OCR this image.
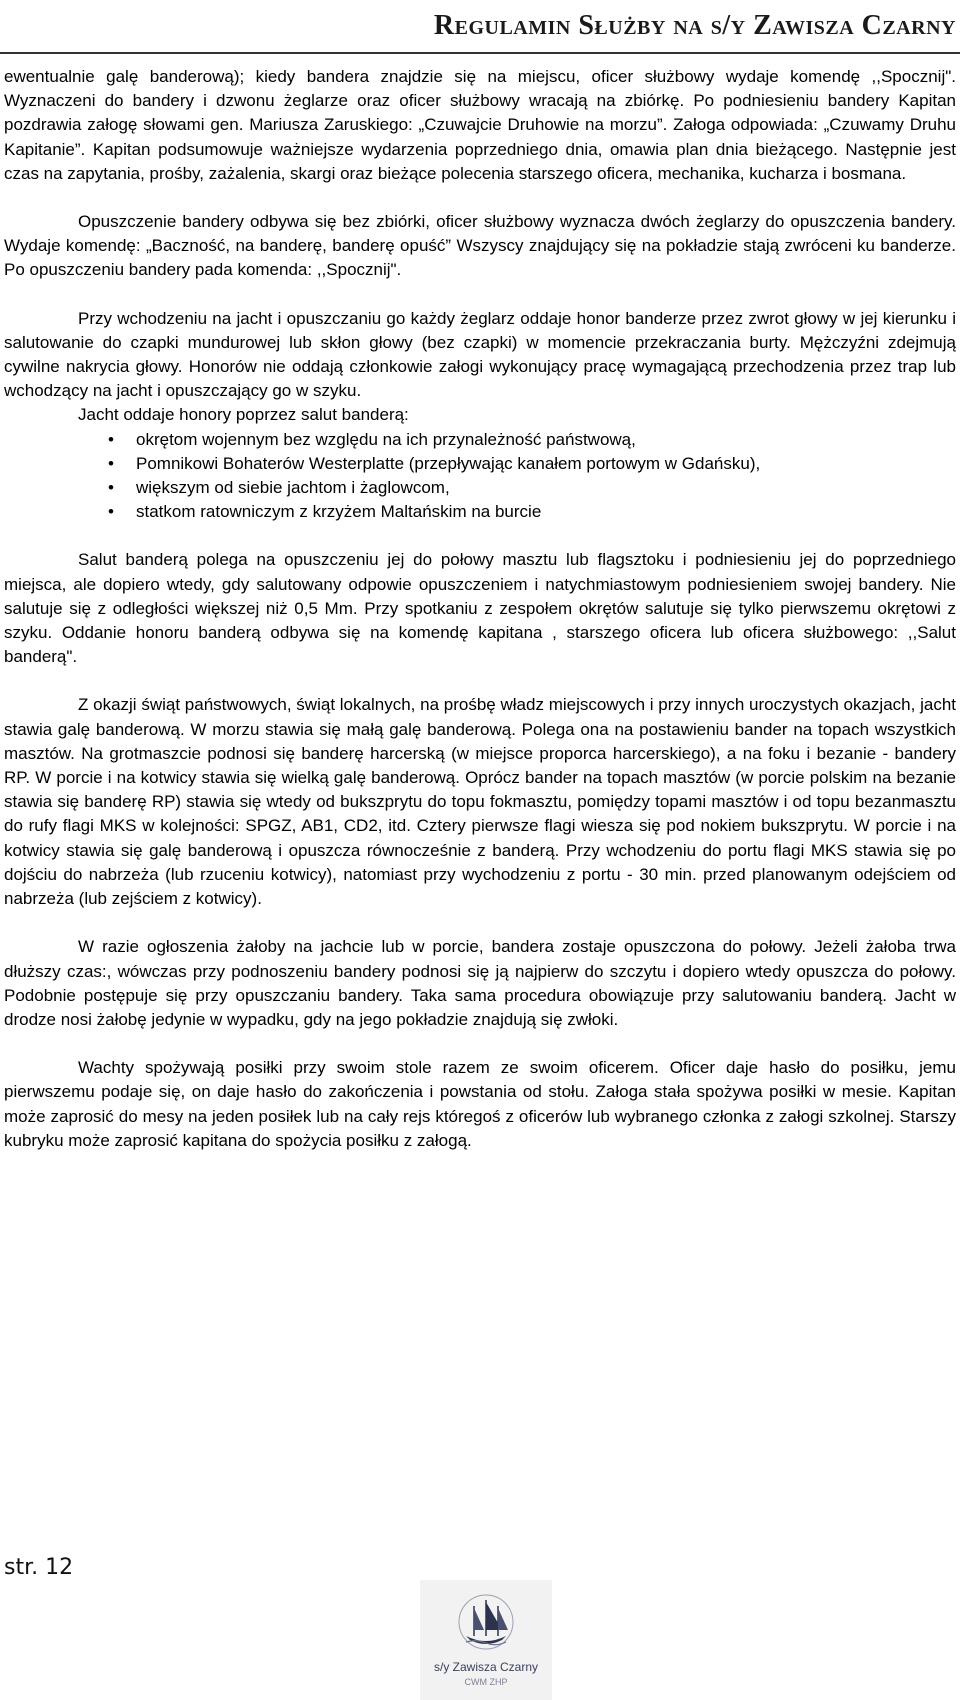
Regulamin Służby na s/y Zawisza Czarny

ewentualnie galę banderową); kiedy bandera znajdzie się na miejscu, oficer służbowy wydaje komendę ,,Spocznij". Wyznaczeni do bandery i dzwonu żeglarze oraz oficer służbowy wracają na zbiórkę. Po podniesieniu bandery Kapitan pozdrawia załogę słowami gen. Mariusza Zaruskiego: „Czuwajcie Druhowie na morzu”. Załoga odpowiada: „Czuwamy Druhu Kapitanie”. Kapitan podsumowuje ważniejsze wydarzenia poprzedniego dnia, omawia plan dnia bieżącego. Następnie jest czas na zapytania, prośby, zażalenia, skargi oraz bieżące polecenia starszego oficera, mechanika, kucharza i bosmana.

Opuszczenie bandery odbywa się bez zbiórki, oficer służbowy wyznacza dwóch żeglarzy do opuszczenia bandery. Wydaje komendę: „Baczność, na banderę, banderę opuść” Wszyscy znajdujący się na pokładzie stają zwróceni ku banderze. Po opuszczeniu bandery pada komenda: ,,Spocznij".

Przy wchodzeniu na jacht i opuszczaniu go każdy żeglarz oddaje honor banderze przez zwrot głowy w jej kierunku i salutowanie do czapki mundurowej lub skłon głowy (bez czapki) w momencie przekraczania burty. Mężczyźni zdejmują cywilne nakrycia głowy. Honorów nie oddają członkowie załogi wykonujący pracę wymagającą przechodzenia przez trap lub wchodzący na jacht i opuszczający go w szyku.

Jacht oddaje honory poprzez salut banderą:

• okrętom wojennym bez względu na ich przynależność państwową,
• Pomnikowi Bohaterów Westerplatte (przepływając kanałem portowym w Gdańsku),
• większym od siebie jachtom i żaglowcom,
• statkom ratowniczym z krzyżem Maltańskim na burcie

Salut banderą polega na opuszczeniu jej do połowy masztu lub flagsztoku i podniesieniu jej do poprzedniego miejsca, ale dopiero wtedy, gdy salutowany odpowie opuszczeniem i natychmiastowym podniesieniem swojej bandery. Nie salutuje się z odległości większej niż 0,5 Mm. Przy spotkaniu z zespołem okrętów salutuje się tylko pierwszemu okrętowi z szyku. Oddanie honoru banderą odbywa się na komendę kapitana , starszego oficera lub oficera służbowego: ,,Salut banderą".

Z okazji świąt państwowych, świąt lokalnych, na prośbę władz miejscowych i przy innych uroczystych okazjach, jacht stawia galę banderową. W morzu stawia się małą galę banderową. Polega ona na postawieniu bander na topach wszystkich masztów. Na grotmaszcie podnosi się banderę harcerską (w miejsce proporca harcerskiego), a na foku i bezanie - bandery RP. W porcie i na kotwicy stawia się wielką galę banderową. Oprócz bander na topach masztów (w porcie polskim na bezanie stawia się banderę RP) stawia się wtedy od bukszprytu do topu fokmasztu, pomiędzy topami masztów i od topu bezanmasztu do rufy flagi MKS w kolejności: SPGZ, AB1, CD2, itd. Cztery pierwsze flagi wiesza się pod nokiem bukszprytu. W porcie i na kotwicy stawia się galę banderową i opuszcza równocześnie z banderą. Przy wchodzeniu do portu flagi MKS stawia się po dojściu do nabrzeża (lub rzuceniu kotwicy), natomiast przy wychodzeniu z portu - 30 min. przed planowanym odejściem od nabrzeża (lub zejściem z kotwicy).

W razie ogłoszenia żałoby na jachcie lub w porcie, bandera zostaje opuszczona do połowy. Jeżeli żałoba trwa dłuższy czas:, wówczas przy podnoszeniu bandery podnosi się ją najpierw do szczytu i dopiero wtedy opuszcza do połowy. Podobnie postępuje się przy opuszczaniu bandery. Taka sama procedura obowiązuje przy salutowaniu banderą. Jacht w drodze nosi żałobę jedynie w wypadku, gdy na jego pokładzie znajdują się zwłoki.

Wachty spożywają posiłki przy swoim stole razem ze swoim oficerem. Oficer daje hasło do posiłku, jemu pierwszemu podaje się, on daje hasło do zakończenia i powstania od stołu. Załoga stała spożywa posiłki w mesie. Kapitan może zaprosić do mesy na jeden posiłek lub na cały rejs któregoś z oficerów lub wybranego członka z załogi szkolnej. Starszy kubryku może zaprosić kapitana do spożycia posiłku z załogą.

str. 12
s/y Zawisza Czarny
CWM ZHP
